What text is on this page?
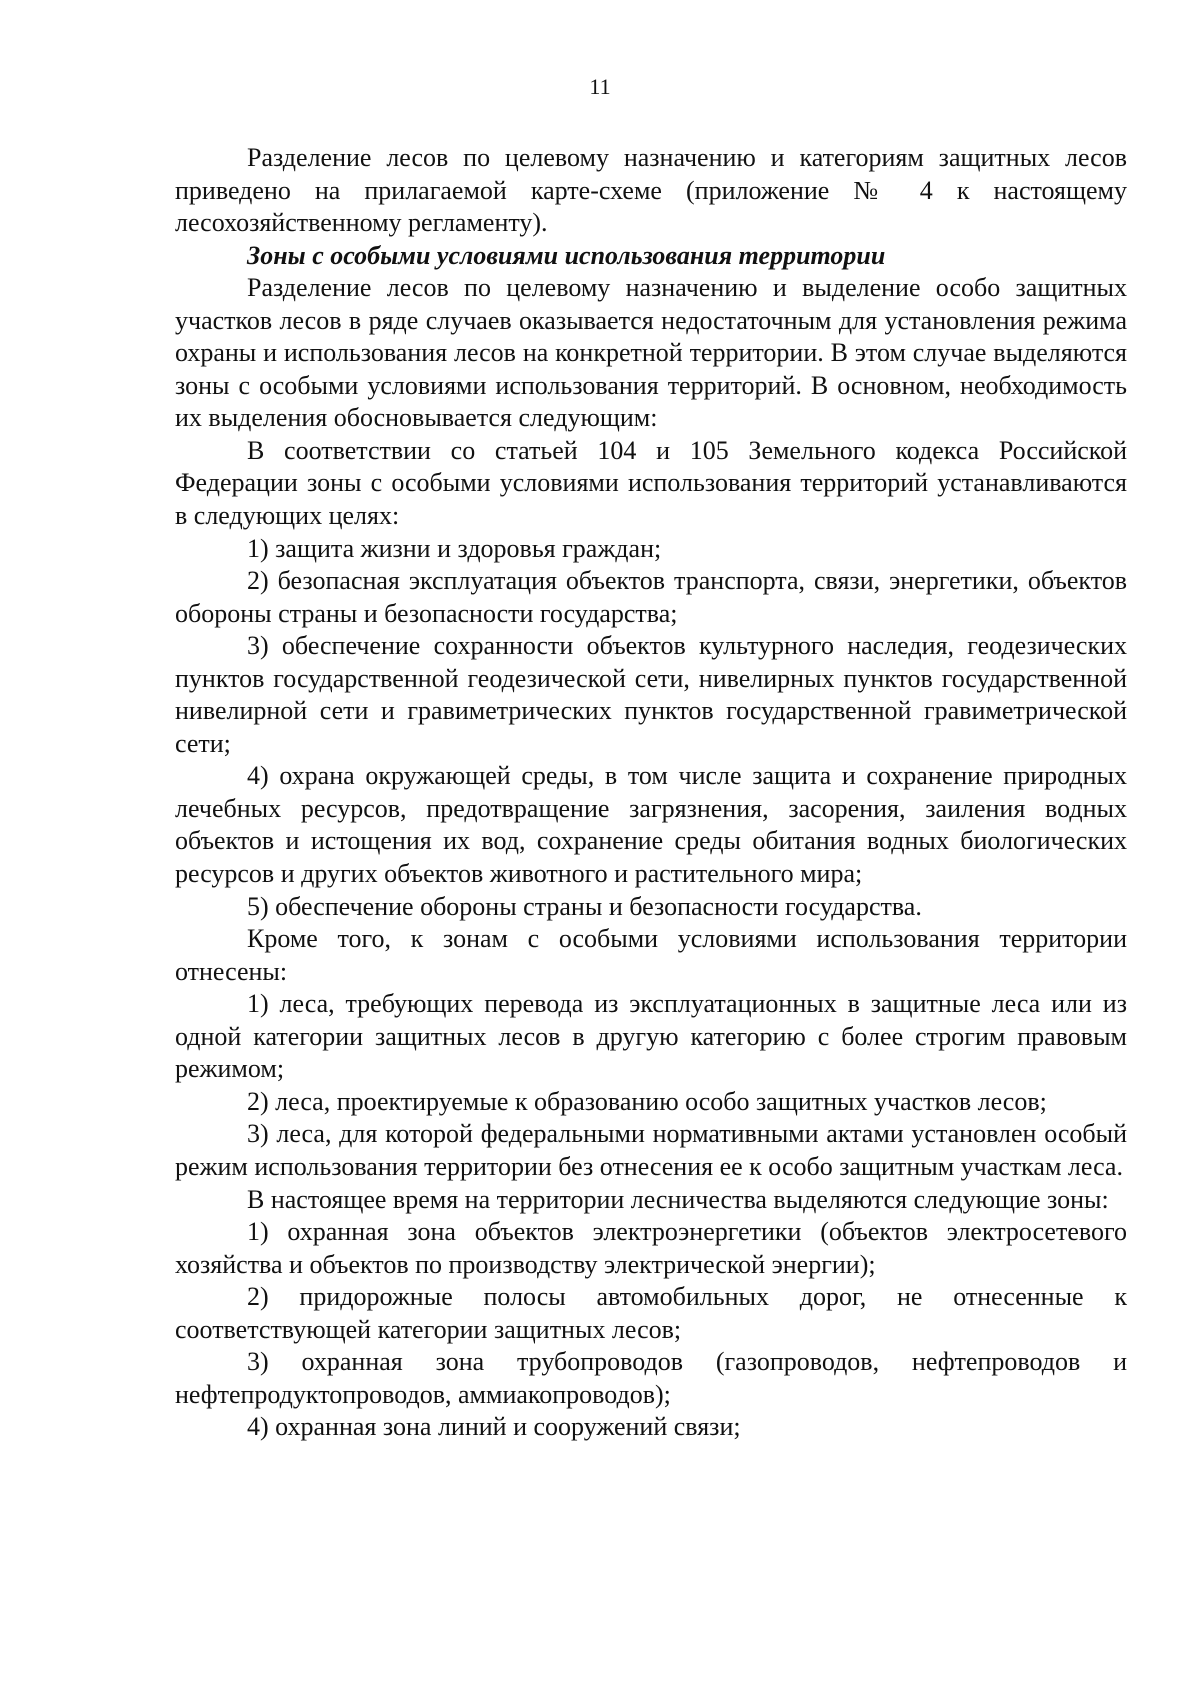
11

Разделение лесов по целевому назначению и категориям защитных лесов приведено на прилагаемой карте-схеме (приложение № 4 к настоящему лесохозяйственному регламенту).

Зоны с особыми условиями использования территории

Разделение лесов по целевому назначению и выделение особо защитных участков лесов в ряде случаев оказывается недостаточным для установления режима охраны и использования лесов на конкретной территории. В этом случае выделяются зоны с особыми условиями использования территорий. В основном, необходимость их выделения обосновывается следующим:

В соответствии со статьей 104 и 105 Земельного кодекса Российской Федерации зоны с особыми условиями использования территорий устанавливаются в следующих целях:

1) защита жизни и здоровья граждан;

2) безопасная эксплуатация объектов транспорта, связи, энергетики, объектов обороны страны и безопасности государства;

3) обеспечение сохранности объектов культурного наследия, геодезических пунктов государственной геодезической сети, нивелирных пунктов государственной нивелирной сети и гравиметрических пунктов государственной гравиметрической сети;

4) охрана окружающей среды, в том числе защита и сохранение природных лечебных ресурсов, предотвращение загрязнения, засорения, заиления водных объектов и истощения их вод, сохранение среды обитания водных биологических ресурсов и других объектов животного и растительного мира;

5) обеспечение обороны страны и безопасности государства.

Кроме того, к зонам с особыми условиями использования территории отнесены:

1) леса, требующих перевода из эксплуатационных в защитные леса или из одной категории защитных лесов в другую категорию с более строгим правовым режимом;

2) леса, проектируемые к образованию особо защитных участков лесов;

3) леса, для которой федеральными нормативными актами установлен особый режим использования территории без отнесения ее к особо защитным участкам леса.

В настоящее время на территории лесничества выделяются следующие зоны:

1) охранная зона объектов электроэнергетики (объектов электросетевого хозяйства и объектов по производству электрической энергии);

2) придорожные полосы автомобильных дорог, не отнесенные к соответствующей категории защитных лесов;

3) охранная зона трубопроводов (газопроводов, нефтепроводов и нефтепродуктопроводов, аммиакопроводов);

4) охранная зона линий и сооружений связи;
